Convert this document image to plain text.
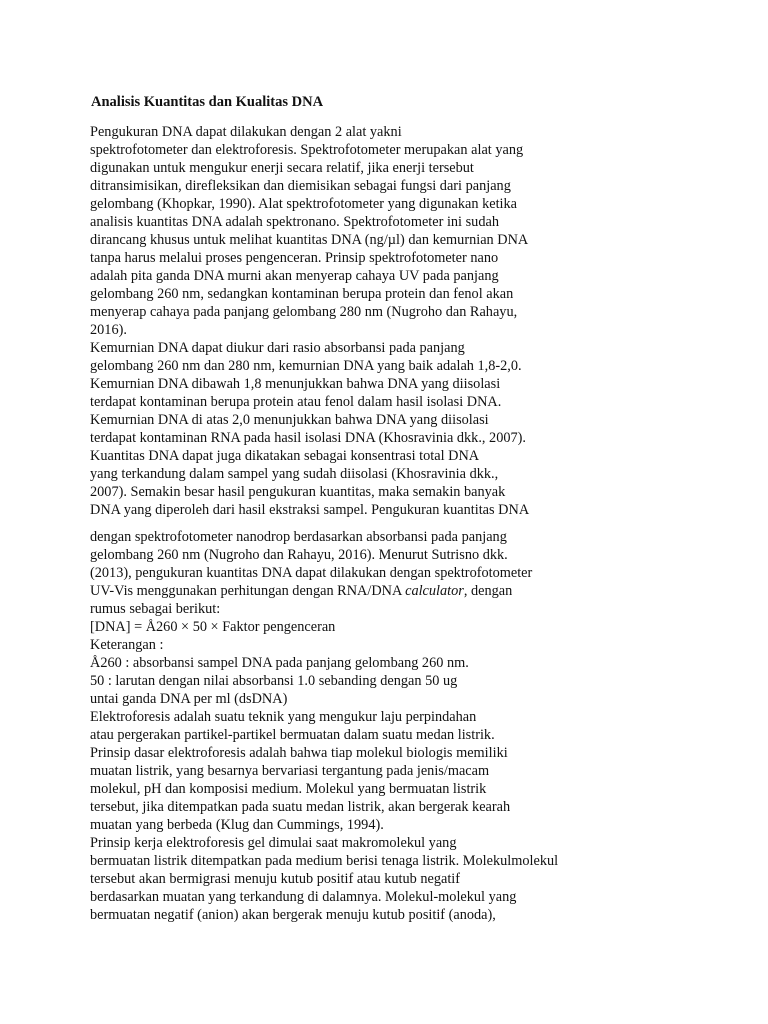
Analisis Kuantitas dan Kualitas DNA
Pengukuran DNA dapat dilakukan dengan 2 alat yakni
spektrofotometer dan elektroforesis. Spektrofotometer merupakan alat yang
digunakan untuk mengukur enerji secara relatif, jika enerji tersebut
ditransimisikan, direfleksikan dan diemisikan sebagai fungsi dari panjang
gelombang (Khopkar, 1990). Alat spektrofotometer yang digunakan ketika
analisis kuantitas DNA adalah spektronano. Spektrofotometer ini sudah
dirancang khusus untuk melihat kuantitas DNA (ng/µl) dan kemurnian DNA
tanpa harus melalui proses pengenceran. Prinsip spektrofotometer nano
adalah pita ganda DNA murni akan menyerap cahaya UV pada panjang
gelombang 260 nm, sedangkan kontaminan berupa protein dan fenol akan
menyerap cahaya pada panjang gelombang 280 nm (Nugroho dan Rahayu,
2016).
Kemurnian DNA dapat diukur dari rasio absorbansi pada panjang
gelombang 260 nm dan 280 nm, kemurnian DNA yang baik adalah 1,8-2,0.
Kemurnian DNA dibawah 1,8 menunjukkan bahwa DNA yang diisolasi
terdapat kontaminan berupa protein atau fenol dalam hasil isolasi DNA.
Kemurnian DNA di atas 2,0 menunjukkan bahwa DNA yang diisolasi
terdapat kontaminan RNA pada hasil isolasi DNA (Khosravinia dkk., 2007).
Kuantitas DNA dapat juga dikatakan sebagai konsentrasi total DNA
yang terkandung dalam sampel yang sudah diisolasi (Khosravinia dkk.,
2007). Semakin besar hasil pengukuran kuantitas, maka semakin banyak
DNA yang diperoleh dari hasil ekstraksi sampel. Pengukuran kuantitas DNA
dengan spektrofotometer nanodrop berdasarkan absorbansi pada panjang
gelombang 260 nm (Nugroho dan Rahayu, 2016). Menurut Sutrisno dkk.
(2013), pengukuran kuantitas DNA dapat dilakukan dengan spektrofotometer
UV-Vis menggunakan perhitungan dengan RNA/DNA calculator, dengan
rumus sebagai berikut:
[DNA] = Å260 × 50 × Faktor pengenceran
Keterangan :
Å260 : absorbansi sampel DNA pada panjang gelombang 260 nm.
50 : larutan dengan nilai absorbansi 1.0 sebanding dengan 50 ug
untai ganda DNA per ml (dsDNA)
Elektroforesis adalah suatu teknik yang mengukur laju perpindahan
atau pergerakan partikel-partikel bermuatan dalam suatu medan listrik.
Prinsip dasar elektroforesis adalah bahwa tiap molekul biologis memiliki
muatan listrik, yang besarnya bervariasi tergantung pada jenis/macam
molekul, pH dan komposisi medium. Molekul yang bermuatan listrik
tersebut, jika ditempatkan pada suatu medan listrik, akan bergerak kearah
muatan yang berbeda (Klug dan Cummings, 1994).
Prinsip kerja elektroforesis gel dimulai saat makromolekul yang
bermuatan listrik ditempatkan pada medium berisi tenaga listrik. Molekulmolekul
tersebut akan bermigrasi menuju kutub positif atau kutub negatif
berdasarkan muatan yang terkandung di dalamnya. Molekul-molekul yang
bermuatan negatif (anion) akan bergerak menuju kutub positif (anoda),
